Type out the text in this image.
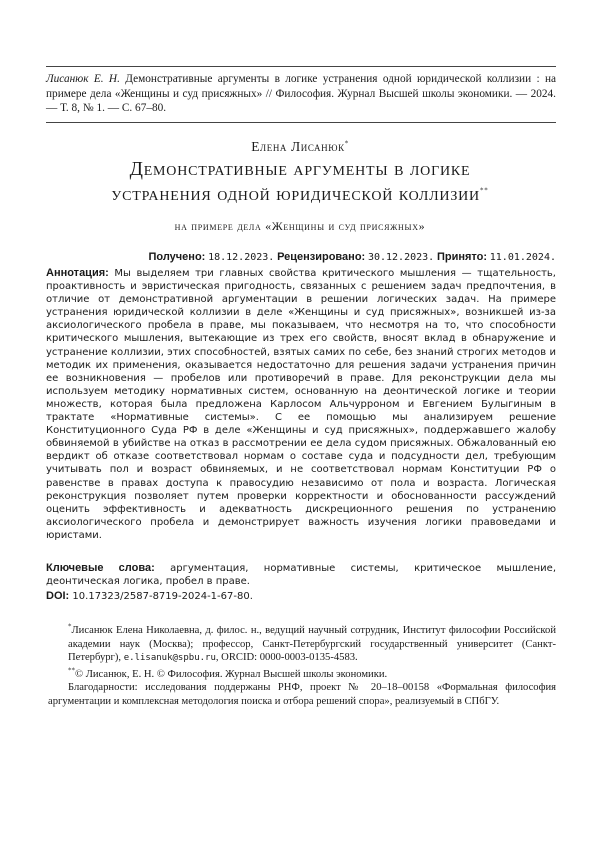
Лисанюк Е. Н. Демонстративные аргументы в логике устранения одной юридической коллизии : на примере дела «Женщины и суд присяжных» // Философия. Журнал Высшей школы экономики. — 2024. — Т. 8, № 1. — С. 67–80.
Елена Лисанюк*
Демонстративные аргументы в логике
устранения одной юридической коллизии**
на примере дела «Женщины и суд присяжных»
Получено: 18.12.2023. Рецензировано: 30.12.2023. Принято: 11.01.2024.
Аннотация: Мы выделяем три главных свойства критического мышления — тщательность, проактивность и эвристическая пригодность, связанных с решением задач предпочтения, в отличие от демонстративной аргументации в решении логических задач. На примере устранения юридической коллизии в деле «Женщины и суд присяжных», возникшей из-за аксиологического пробела в праве, мы показываем, что несмотря на то, что способности критического мышления, вытекающие из трех его свойств, вносят вклад в обнаружение и устранение коллизии, этих способностей, взятых самих по себе, без знаний строгих методов и методик их применения, оказывается недостаточно для решения задачи устранения причин ее возникновения — пробелов или противоречий в праве. Для реконструкции дела мы используем методику нормативных систем, основанную на деонтической логике и теории множеств, которая была предложена Карлосом Альчурроном и Евгением Булыгиным в трактате «Нормативные системы». С ее помощью мы анализируем решение Конституционного Суда РФ в деле «Женщины и суд присяжных», поддержавшего жалобу обвиняемой в убийстве на отказ в рассмотрении ее дела судом присяжных. Обжалованный ею вердикт об отказе соответствовал нормам о составе суда и подсудности дел, требующим учитывать пол и возраст обвиняемых, и не соответствовал нормам Конституции РФ о равенстве в правах доступа к правосудию независимо от пола и возраста. Логическая реконструкция позволяет путем проверки корректности и обоснованности рассуждений оценить эффективность и адекватность дискреционного решения по устранению аксиологического пробела и демонстрирует важность изучения логики правоведами и юристами.
Ключевые слова: аргументация, нормативные системы, критическое мышление, деонтическая логика, пробел в праве.
DOI: 10.17323/2587-8719-2024-1-67-80.

*Лисанюк Елена Николаевна, д. филос. н., ведущий научный сотрудник, Институт философии Российской академии наук (Москва); профессор, Санкт-Петербургский государственный университет (Санкт-Петербург), e.lisanuk@spbu.ru, ORCID: 0000-0003-0135-4583.

**© Лисанюк, Е. Н. © Философия. Журнал Высшей школы экономики.

Благодарности: исследования поддержаны РНФ, проект № 20–18–00158 «Формальная философия аргументации и комплексная методология поиска и отбора решений спора», реализуемый в СПбГУ.
